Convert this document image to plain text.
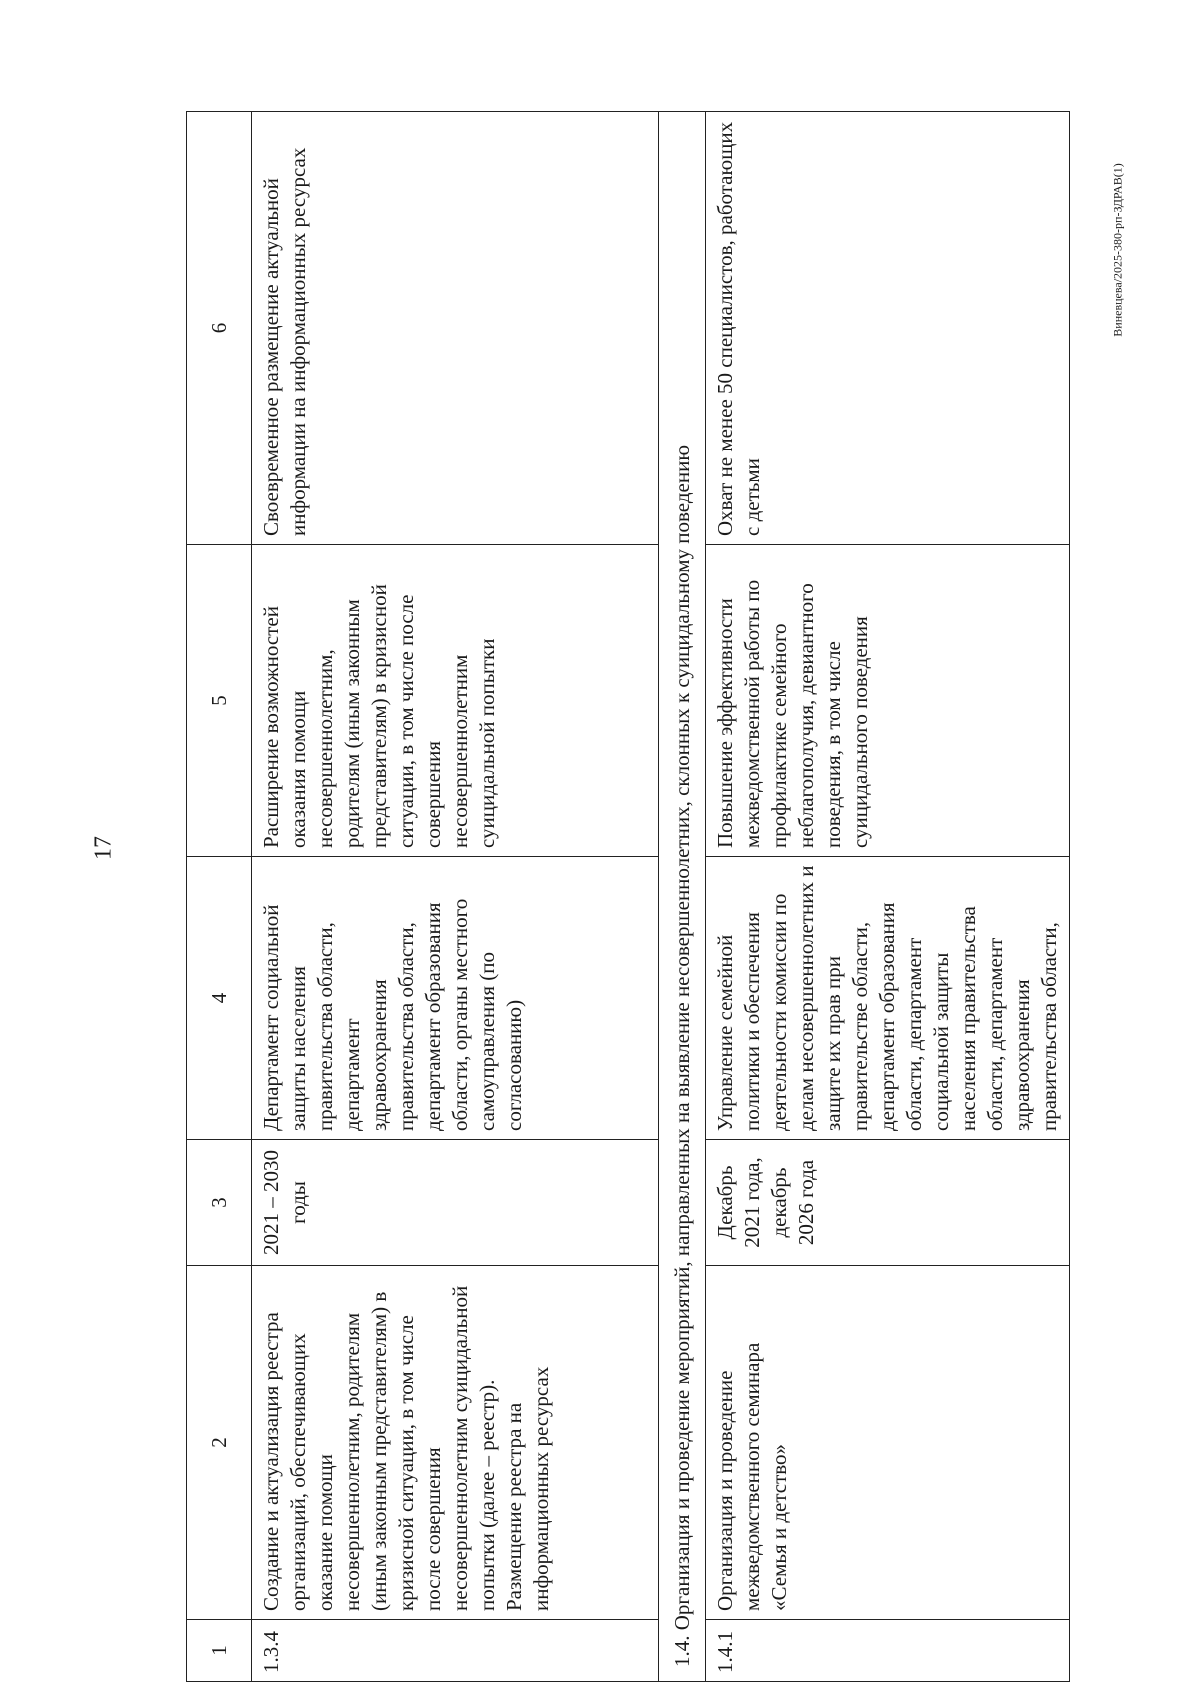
17
Виневцева/2025-380-рп-ЗДРАВ(1)
1	2	3	4	5	6
1.3.4	Создание и актуализация реестра организаций, обеспечивающих оказание помощи несовершеннолетним, родителям (иным законным представителям) в кризисной ситуации, в том числе после совершения несовершеннолетним суицидальной попытки (далее – реестр). Размещение реестра на информационных ресурсах	2021 – 2030 годы	Департамент социальной защиты населения правительства области, департамент здравоохранения правительства области, департамент образования области, органы местного самоуправления (по согласованию)	Расширение возможностей оказания помощи несовершеннолетним, родителям (иным законным представителям) в кризисной ситуации, в том числе после совершения несовершеннолетним суицидальной попытки	Своевременное размещение актуальной информации на информационных ресурсах
1.4. Организация и проведение мероприятий, направленных на выявление несовершеннолетних, склонных к суицидальному поведению					
1.4.1	Организация и проведение межведомственного семинара «Семья и детство»	Декабрь 2021 года, декабрь 2026 года	Управление семейной политики и обеспечения деятельности комиссии по делам несовершеннолетних и защите их прав при правительстве области, департамент образования области, департамент социальной защиты населения правительства области, департамент здравоохранения правительства области,	Повышение эффективности межведомственной работы по профилактике семейного неблагополучия, девиантного поведения, в том числе суицидального поведения	Охват не менее 50 специалистов, работающих с детьми
